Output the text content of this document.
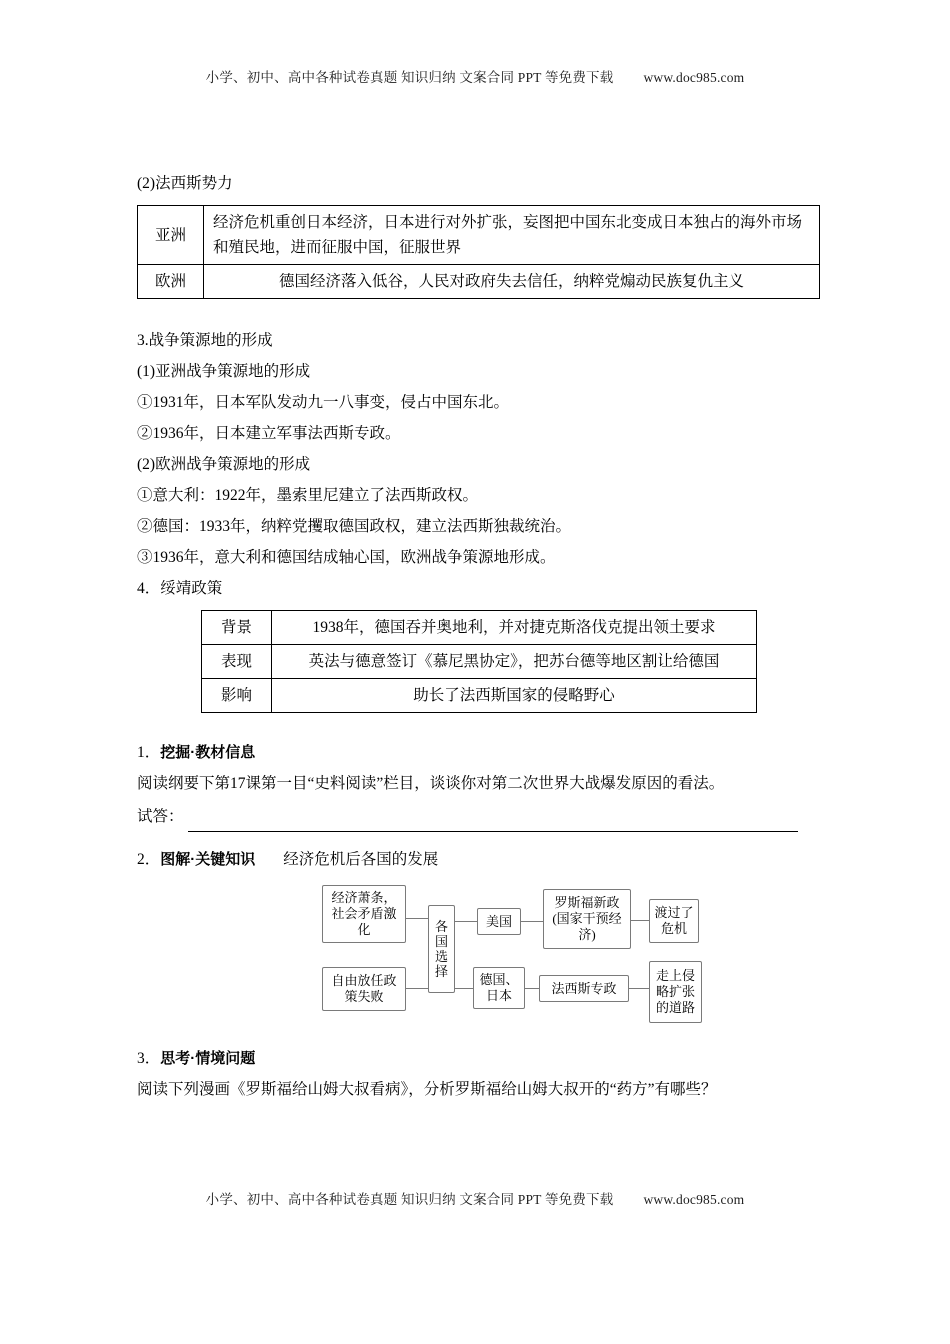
小学、初中、高中各种试卷真题 知识归纳 文案合同 PPT 等免费下载 www.doc985.com
(2)法西斯势力
亚洲	经济危机重创日本经济，日本进行对外扩张，妄图把中国东北变成日本独占的海外市场和殖民地，进而征服中国，征服世界
欧洲	德国经济落入低谷，人民对政府失去信任，纳粹党煽动民族复仇主义
3.战争策源地的形成
(1)亚洲战争策源地的形成
①1931年，日本军队发动九一八事变，侵占中国东北。
②1936年，日本建立军事法西斯专政。
(2)欧洲战争策源地的形成
①意大利：1922年，墨索里尼建立了法西斯政权。
②德国：1933年，纳粹党攫取德国政权，建立法西斯独裁统治。
③1936年，意大利和德国结成轴心国，欧洲战争策源地形成。
4．绥靖政策
背景	1938年，德国吞并奥地利，并对捷克斯洛伐克提出领土要求
表现	英法与德意签订《慕尼黑协定》，把苏台德等地区割让给德国
影响	助长了法西斯国家的侵略野心
1．挖掘·教材信息
阅读纲要下第17课第一目“史料阅读”栏目，谈谈你对第二次世界大战爆发原因的看法。
试答：
2．图解·关键知识 经济危机后各国的发展
经济萧条，社会矛盾激化
自由放任政策失败
各国选择
美国
德国、日本
罗斯福新政(国家干预经济)
法西斯专政
渡过了危机
走上侵略扩张的道路
3．思考·情境问题
阅读下列漫画《罗斯福给山姆大叔看病》，分析罗斯福给山姆大叔开的“药方”有哪些？
小学、初中、高中各种试卷真题 知识归纳 文案合同 PPT 等免费下载 www.doc985.com
